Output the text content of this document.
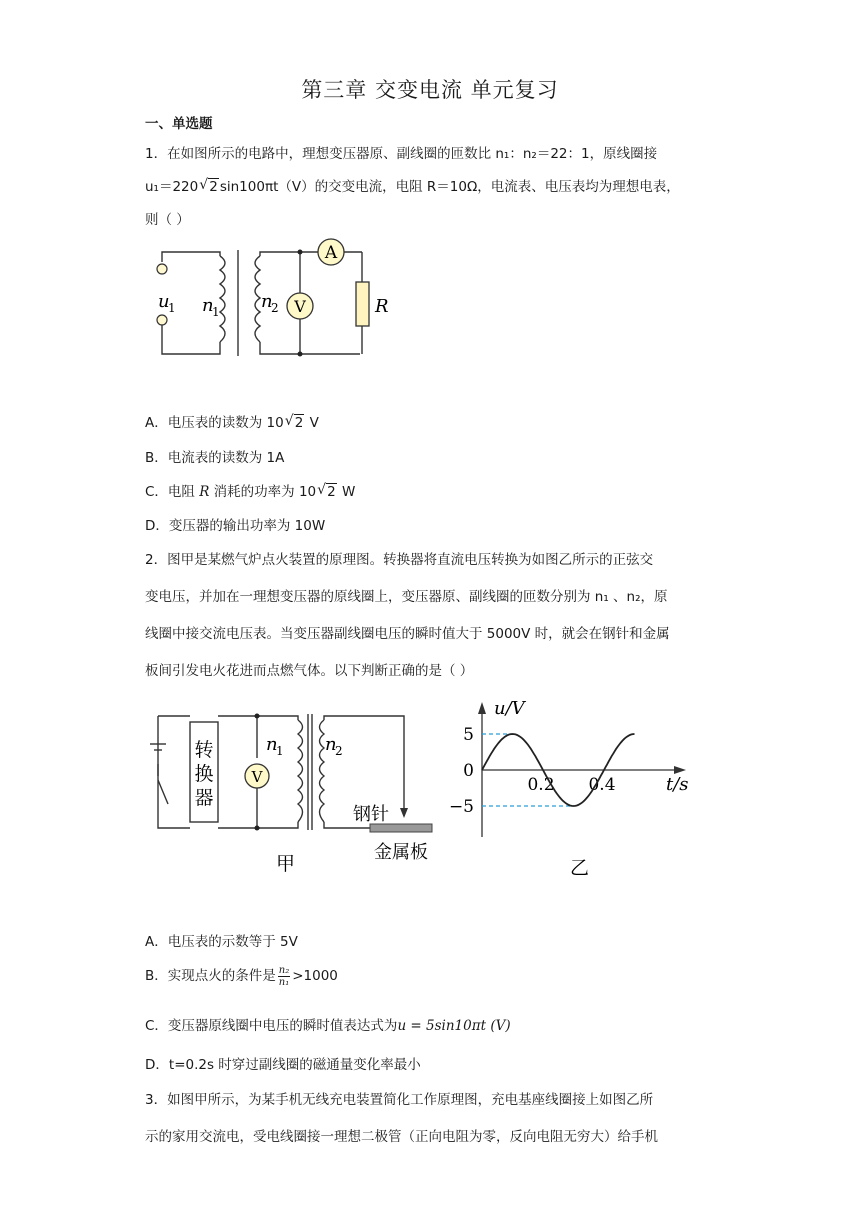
第三章 交变电流 单元复习
一、单选题
1．在如图所示的电路中，理想变压器原、副线圈的匝数比 n₁：n₂＝22：1，原线圈接
u₁＝220 √ 2 sin100πt（V）的交变电流，电阻 R＝10Ω，电流表、电压表均为理想电表，
则（ ）
A
V	R
u
1 n
1 n
2
A．电压表的读数为 10 √ 2 V
B．电流表的读数为 1A
C．电阻 R 消耗的功率为 10 √ 2 W
D．变压器的输出功率为 10W
2．图甲是某燃气炉点火装置的原理图。转换器将直流电压转换为如图乙所示的正弦交
变电压，并加在一理想变压器的原线圈上，变压器原、副线圈的匝数分别为 n₁ 、n₂，原
线圈中接交流电压表。当变压器副线圈电压的瞬时值大于 5000V 时，就会在钢针和金属
板间引发电火花进而点燃气体。以下判断正确的是（ ）
转
换
器
V
n
1 n
2
钢针
金属板
甲
u/V
t/s
5
0
−5
0.2 0.4
乙
A．电压表的示数等于 5V
B．实现点火的条件是 $\frac{\text{n₂}}{\text{n₁}} >1000$
C．变压器原线圈中电压的瞬时值表达式为u = 5sin10πt (V)
D．t=0.2s 时穿过副线圈的磁通量变化率最小
3．如图甲所示，为某手机无线充电装置简化工作原理图，充电基座线圈接上如图乙所
示的家用交流电，受电线圈接一理想二极管（正向电阻为零，反向电阻无穷大）给手机
